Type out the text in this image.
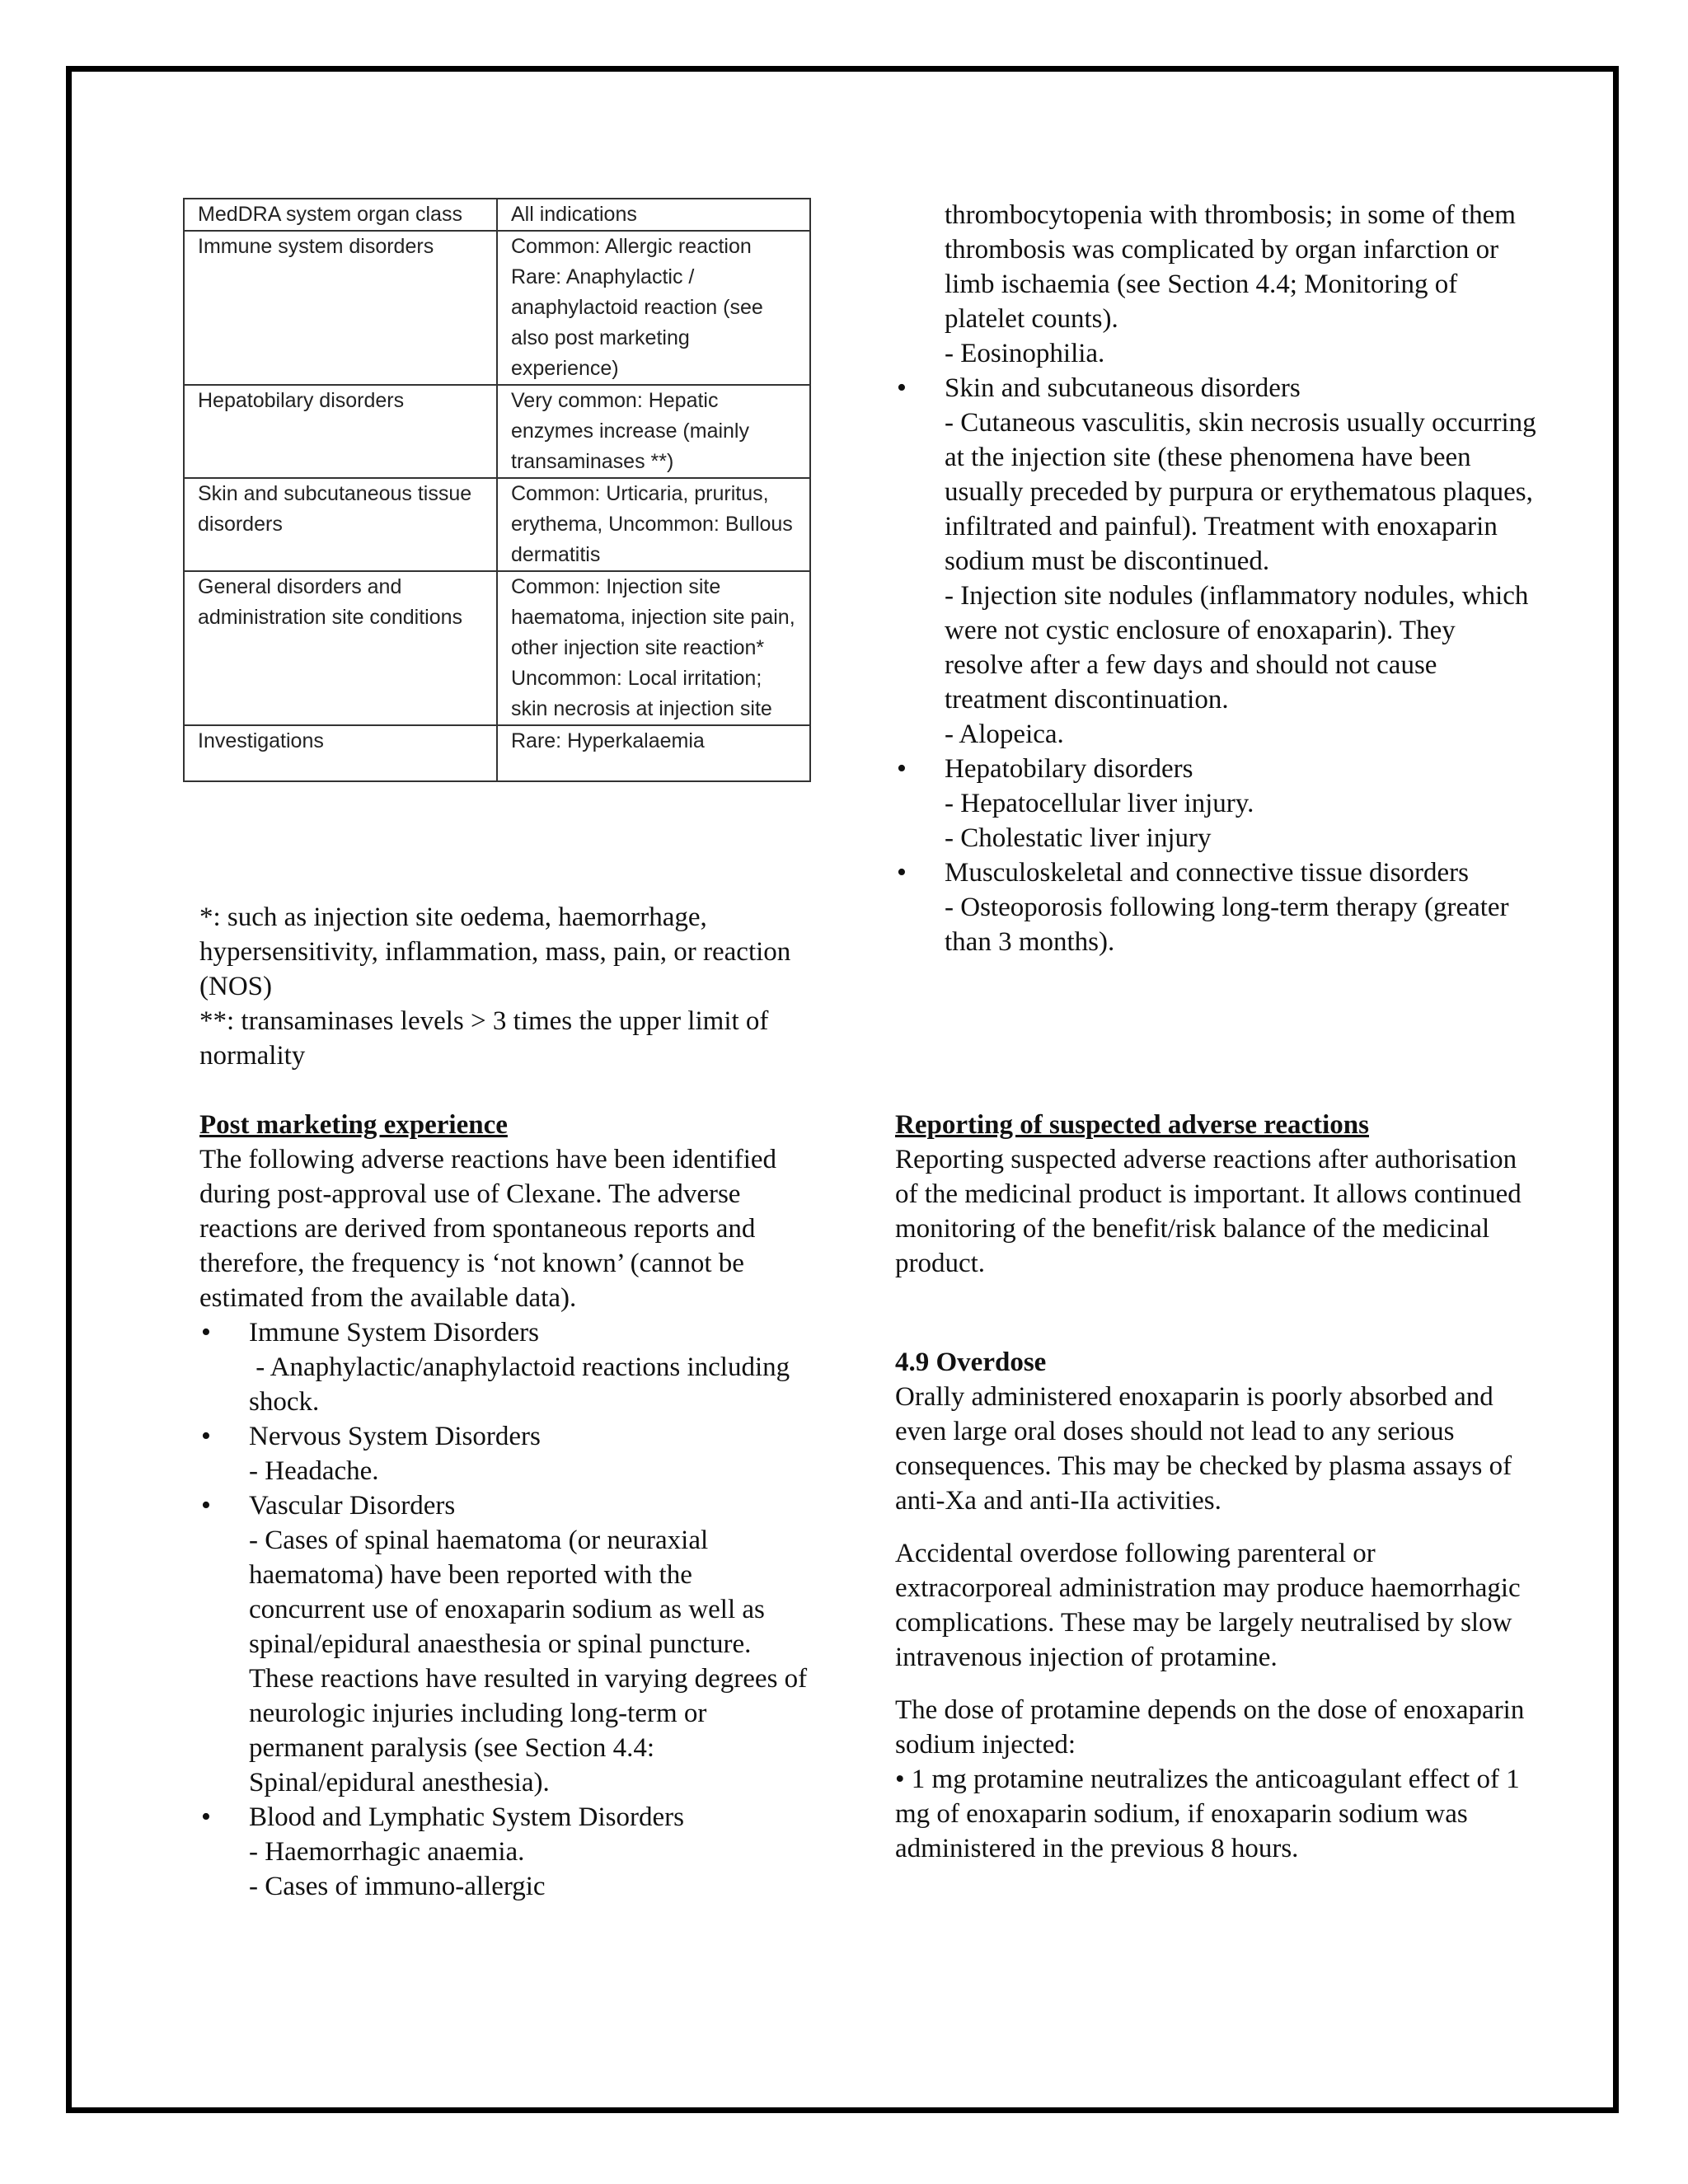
MedDRA system organ class	All indications
Immune system disorders	Common: Allergic reaction Rare: Anaphylactic / anaphylactoid reaction (see also post marketing experience)
Hepatobilary disorders	Very common: Hepatic enzymes increase (mainly transaminases **)
Skin and subcutaneous tissue disorders	Common: Urticaria, pruritus, erythema, Uncommon: Bullous dermatitis
General disorders and administration site conditions	Common: Injection site haematoma, injection site pain, other injection site reaction* Uncommon: Local irritation; skin necrosis at injection site
Investigations	Rare: Hyperkalaemia
*: such as injection site oedema, haemorrhage, hypersensitivity, inflammation, mass, pain, or reaction (NOS)
**: transaminases levels > 3 times the upper limit of normality
Post marketing experience
The following adverse reactions have been identified during post-approval use of Clexane. The adverse reactions are derived from spontaneous reports and therefore, the frequency is ‘not known’ (cannot be estimated from the available data).
• Immune System Disorders
- Anaphylactic/anaphylactoid reactions including shock.
• Nervous System Disorders
- Headache.
• Vascular Disorders
- Cases of spinal haematoma (or neuraxial haematoma) have been reported with the concurrent use of enoxaparin sodium as well as spinal/epidural anaesthesia or spinal puncture. These reactions have resulted in varying degrees of neurologic injuries including long-term or permanent paralysis (see Section 4.4: Spinal/epidural anesthesia).
• Blood and Lymphatic System Disorders
- Haemorrhagic anaemia.
- Cases of immuno-allergic
thrombocytopenia with thrombosis; in some of them thrombosis was complicated by organ infarction or limb ischaemia (see Section 4.4; Monitoring of platelet counts).
- Eosinophilia.
• Skin and subcutaneous disorders
- Cutaneous vasculitis, skin necrosis usually occurring at the injection site (these phenomena have been usually preceded by purpura or erythematous plaques, infiltrated and painful). Treatment with enoxaparin sodium must be discontinued.
- Injection site nodules (inflammatory nodules, which were not cystic enclosure of enoxaparin). They resolve after a few days and should not cause treatment discontinuation.
- Alopeica.
• Hepatobilary disorders
- Hepatocellular liver injury.
- Cholestatic liver injury
• Musculoskeletal and connective tissue disorders
- Osteoporosis following long-term therapy (greater than 3 months).
Reporting of suspected adverse reactions
Reporting suspected adverse reactions after authorisation of the medicinal product is important. It allows continued monitoring of the benefit/risk balance of the medicinal product.
4.9 Overdose
Orally administered enoxaparin is poorly absorbed and even large oral doses should not lead to any serious consequences. This may be checked by plasma assays of anti-Xa and anti-IIa activities.
Accidental overdose following parenteral or extracorporeal administration may produce haemorrhagic complications. These may be largely neutralised by slow intravenous injection of protamine.
The dose of protamine depends on the dose of enoxaparin sodium injected:
• 1 mg protamine neutralizes the anticoagulant effect of 1 mg of enoxaparin sodium, if enoxaparin sodium was administered in the previous 8 hours.
